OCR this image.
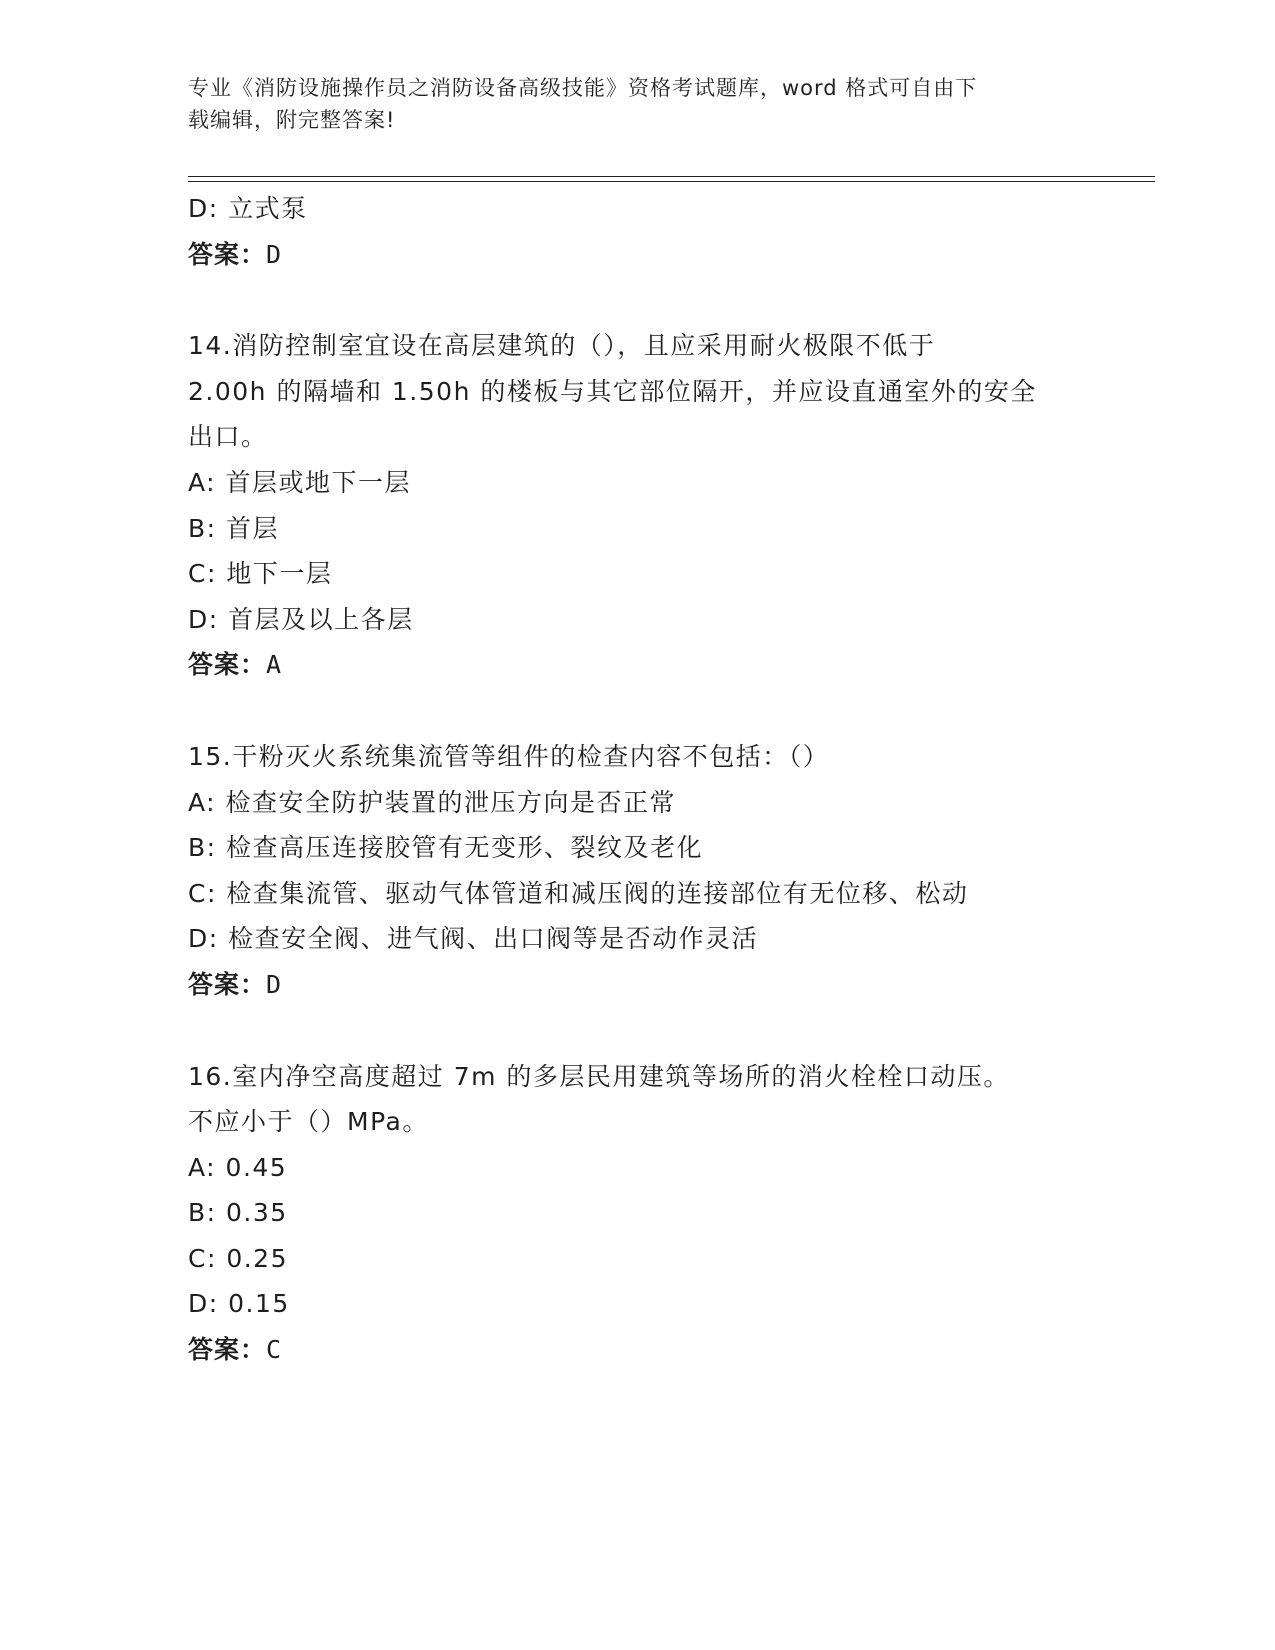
专业《消防设施操作员之消防设备高级技能》资格考试题库，word 格式可自由下
载编辑，附完整答案!
D: 立式泵
答案：D
14.消防控制室宜设在高层建筑的（），且应采用耐火极限不低于
2.00h 的隔墙和 1.50h 的楼板与其它部位隔开，并应设直通室外的安全
出口。
A: 首层或地下一层
B: 首层
C: 地下一层
D: 首层及以上各层
答案：A
15.干粉灭火系统集流管等组件的检查内容不包括：（）
A: 检查安全防护装置的泄压方向是否正常
B: 检查高压连接胶管有无变形、裂纹及老化
C: 检查集流管、驱动气体管道和减压阀的连接部位有无位移、松动
D: 检查安全阀、进气阀、出口阀等是否动作灵活
答案：D
16.室内净空高度超过 7m 的多层民用建筑等场所的消火栓栓口动压。
不应小于（）MPa。
A: 0.45
B: 0.35
C: 0.25
D: 0.15
答案：C
